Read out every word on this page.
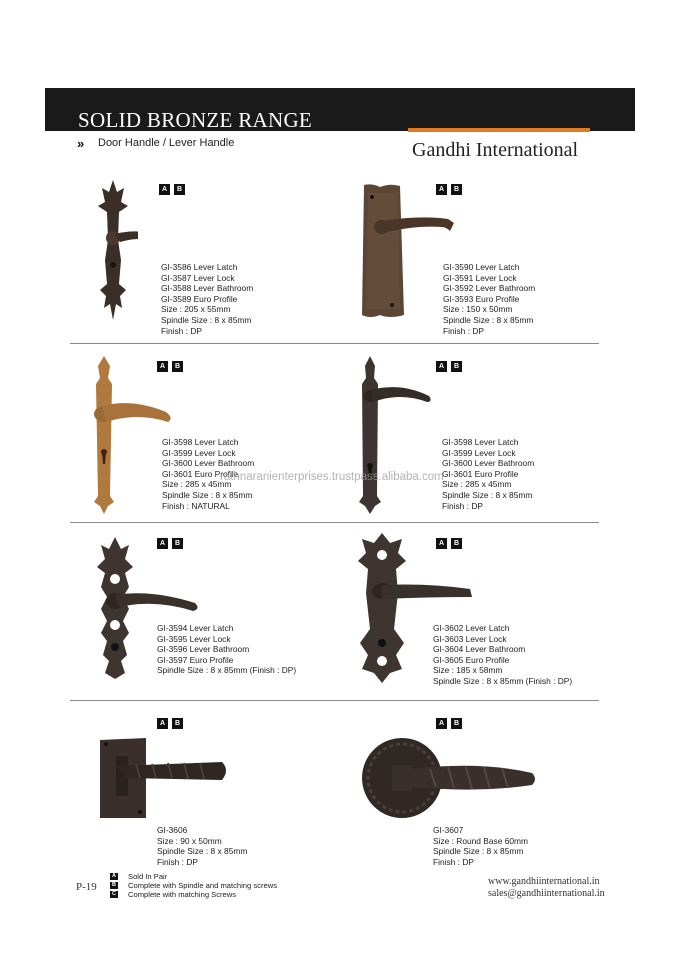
SOLID BRONZE RANGE
» Door Handle / Lever Handle	Gandhi International
A	B
GI-3586 Lever Latch
GI-3587 Lever Lock
GI-3588 Lever Bathroom
GI-3589 Euro Profile
Size : 205 x 55mm
Spindle Size : 8 x 85mm
Finish : DP
A	B
GI-3590 Lever Latch
GI-3591 Lever Lock
GI-3592 Lever Bathroom
GI-3593 Euro Profile
Size : 150 x 50mm
Spindle Size : 8 x 85mm
Finish : DP
A	B
GI-3598 Lever Latch
GI-3599 Lever Lock
GI-3600 Lever Bathroom
GI-3601 Euro Profile
Size : 285 x 45mm
Spindle Size : 8 x 85mm
Finish : NATURAL
A	B
GI-3598 Lever Latch
GI-3599 Lever Lock
GI-3600 Lever Bathroom
GI-3601 Euro Profile
Size : 285 x 45mm
Spindle Size : 8 x 85mm
Finish : DP
A	B
GI-3594 Lever Latch
GI-3595 Lever Lock
GI-3596 Lever Bathroom
GI-3597 Euro Profile
Spindle Size : 8 x 85mm (Finish : DP)
A	B
GI-3602 Lever Latch
GI-3603 Lever Lock
GI-3604 Lever Bathroom
GI-3605 Euro Profile
Size : 185 x 58mm
Spindle Size : 8 x 85mm (Finish : DP)
A	B
GI-3606
Size : 90 x 50mm
Spindle Size : 8 x 85mm
Finish : DP
A	B
GI-3607
Size : Round Base 60mm
Spindle Size : 8 x 85mm
Finish : DP
rathnaranienterprises.trustpass.alibaba.com
P-19
A Sold In Pair
B Complete with Spindle and matching screws
C Complete with matching Screws
www.gandhiinternational.in
sales@gandhiinternational.in
